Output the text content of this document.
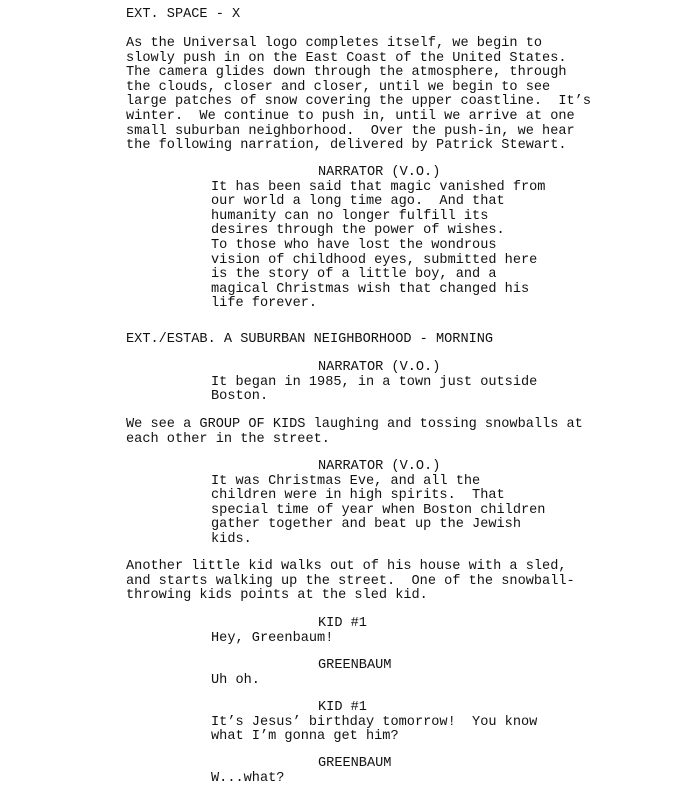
EXT. SPACE - X
As the Universal logo completes itself, we begin to
slowly push in on the East Coast of the United States.
The camera glides down through the atmosphere, through
the clouds, closer and closer, until we begin to see
large patches of snow covering the upper coastline.  It’s
winter.  We continue to push in, until we arrive at one
small suburban neighborhood.  Over the push-in, we hear
the following narration, delivered by Patrick Stewart.
NARRATOR (V.O.)
It has been said that magic vanished from
our world a long time ago.  And that
humanity can no longer fulfill its
desires through the power of wishes.
To those who have lost the wondrous
vision of childhood eyes, submitted here
is the story of a little boy, and a
magical Christmas wish that changed his
life forever.
EXT./ESTAB. A SUBURBAN NEIGHBORHOOD - MORNING
NARRATOR (V.O.)
It began in 1985, in a town just outside
Boston.
We see a GROUP OF KIDS laughing and tossing snowballs at
each other in the street.
NARRATOR (V.O.)
It was Christmas Eve, and all the
children were in high spirits.  That
special time of year when Boston children
gather together and beat up the Jewish
kids.
Another little kid walks out of his house with a sled,
and starts walking up the street.  One of the snowball-
throwing kids points at the sled kid.
KID #1
Hey, Greenbaum!
GREENBAUM
Uh oh.
KID #1
It’s Jesus’ birthday tomorrow!  You know
what I’m gonna get him?
GREENBAUM
W...what?
